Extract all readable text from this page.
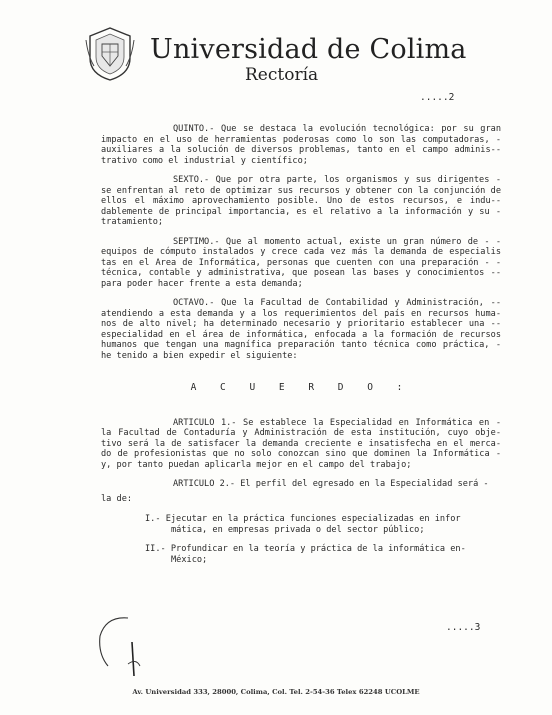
Universidad de Colima
Rectoría
.....2

QUINTO.- Que se destaca la evolución tecnológica: por su gran impacto en el uso de herramientas poderosas como lo son las computadoras, - auxiliares a la solución de diversos problemas, tanto en el campo adminis-- trativo como el industrial y científico;

SEXTO.- Que por otra parte, los organismos y sus dirigentes - se enfrentan al reto de optimizar sus recursos y obtener con la conjunción de ellos el máximo aprovechamiento posible. Uno de estos recursos, e indu-- dablemente de principal importancia, es el relativo a la información y su - tratamiento;

SEPTIMO.- Que al momento actual, existe un gran número de - - equipos de cómputo instalados y crece cada vez más la demanda de especialis tas en el Area de Informática, personas que cuenten con una preparación - - técnica, contable y administrativa, que posean las bases y conocimientos -- para poder hacer frente a esta demanda;

OCTAVO.- Que la Facultad de Contabilidad y Administración, -- atendiendo a esta demanda y a los requerimientos del país en recursos huma- nos de alto nivel; ha determinado necesario y prioritario establecer una -- especialidad en el área de informática, enfocada a la formación de recursos humanos que tengan una magnífica preparación tanto técnica como práctica, - he tenido a bien expedir el siguiente:

A C U E R D O :

ARTICULO 1.- Se establece la Especialidad en Informática en - la Facultad de Contaduría y Administración de esta institución, cuyo obje- tivo será la de satisfacer la demanda creciente e insatisfecha en el merca- do de profesionistas que no solo conozcan sino que dominen la Informática - y, por tanto puedan aplicarla mejor en el campo del trabajo;

ARTICULO 2.- El perfil del egresado en la Especialidad será -

la de:

I.- Ejecutar en la práctica funciones especializadas en infor mática, en empresas privada o del sector público;

II.- Profundicar en la teoría y práctica de la informática en- México;

.....3
Av. Universidad 333, 28000, Colima, Col. Tel. 2-54-36 Telex 62248 UCOLME
